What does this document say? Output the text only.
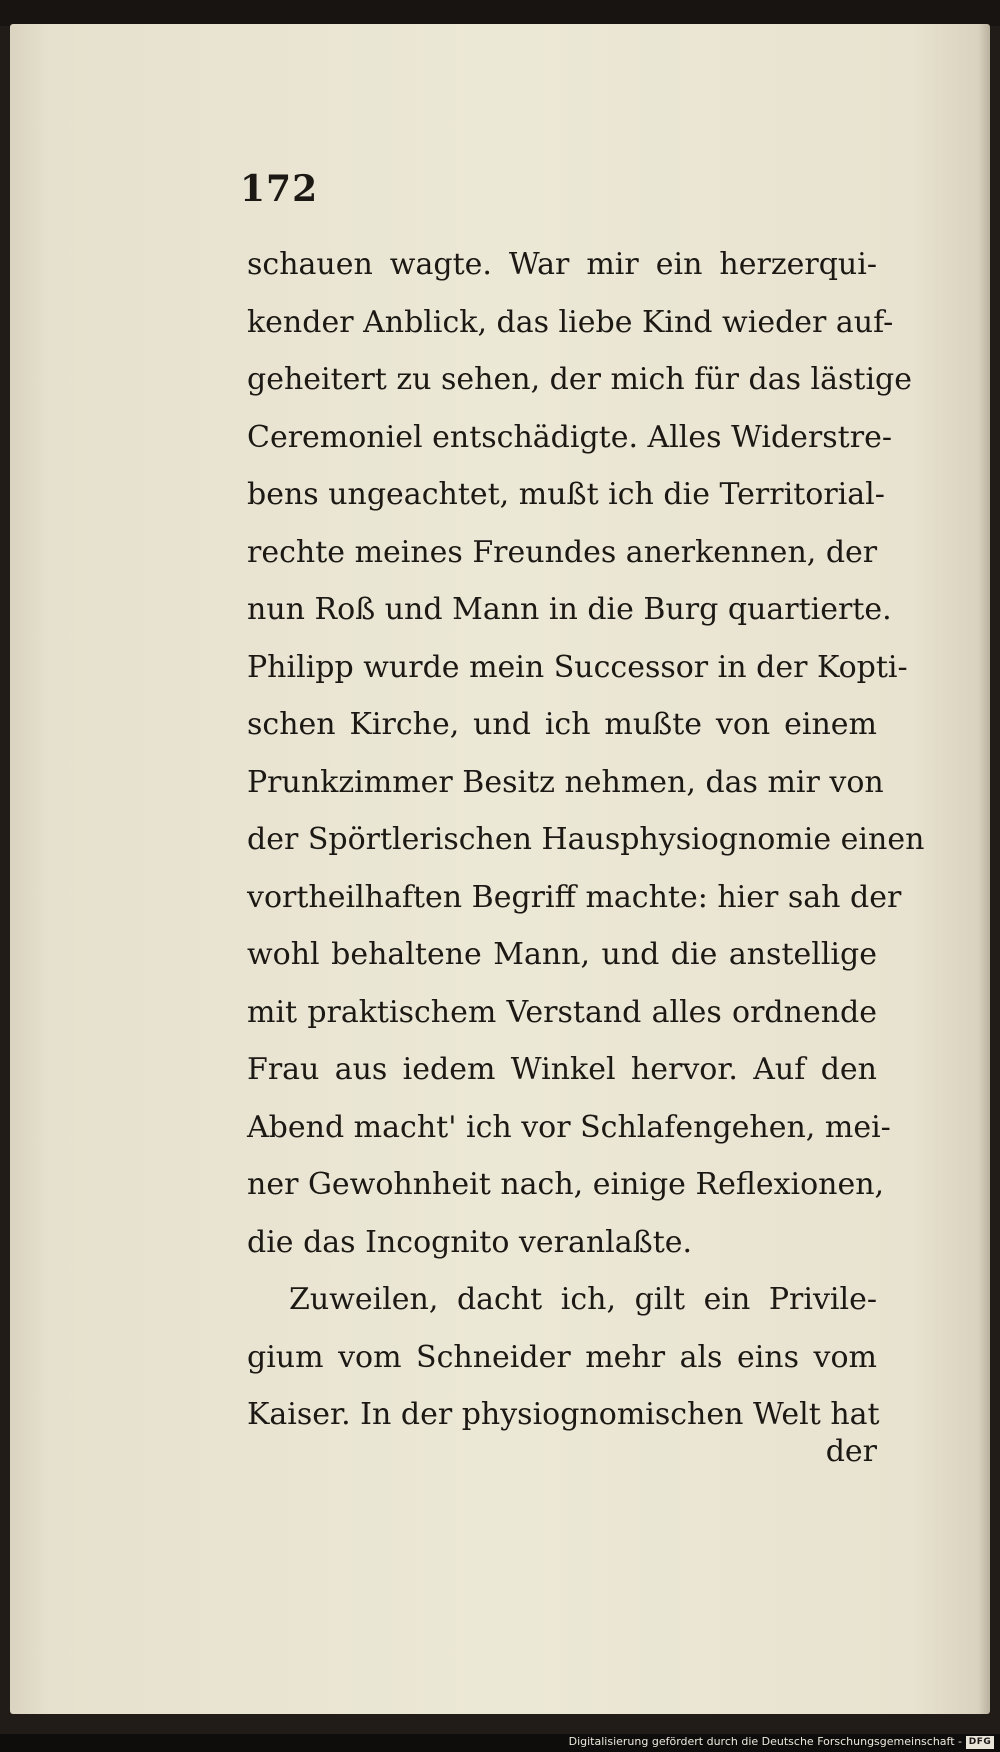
172
schauen wagte. War mir ein herzerqui-
kender Anblick, das liebe Kind wieder auf-
geheitert zu sehen, der mich für das lästige
Ceremoniel entschädigte. Alles Widerstre-
bens ungeachtet, mußt ich die Territorial-
rechte meines Freundes anerkennen, der
nun Roß und Mann in die Burg quartierte.
Philipp wurde mein Successor in der Kopti-
schen Kirche, und ich mußte von einem
Prunkzimmer Besitz nehmen, das mir von
der Spörtlerischen Hausphysiognomie einen
vortheilhaften Begriff machte: hier sah der
wohl behaltene Mann, und die anstellige
mit praktischem Verstand alles ordnende
Frau aus iedem Winkel hervor. Auf den
Abend macht' ich vor Schlafengehen, mei-
ner Gewohnheit nach, einige Reflexionen,
die das Incognito veranlaßte.
Zuweilen, dacht ich, gilt ein Privile-
gium vom Schneider mehr als eins vom
Kaiser. In der physiognomischen Welt hat
der
Digitalisierung gefördert durch die Deutsche Forschungsgemeinschaft - DFG
